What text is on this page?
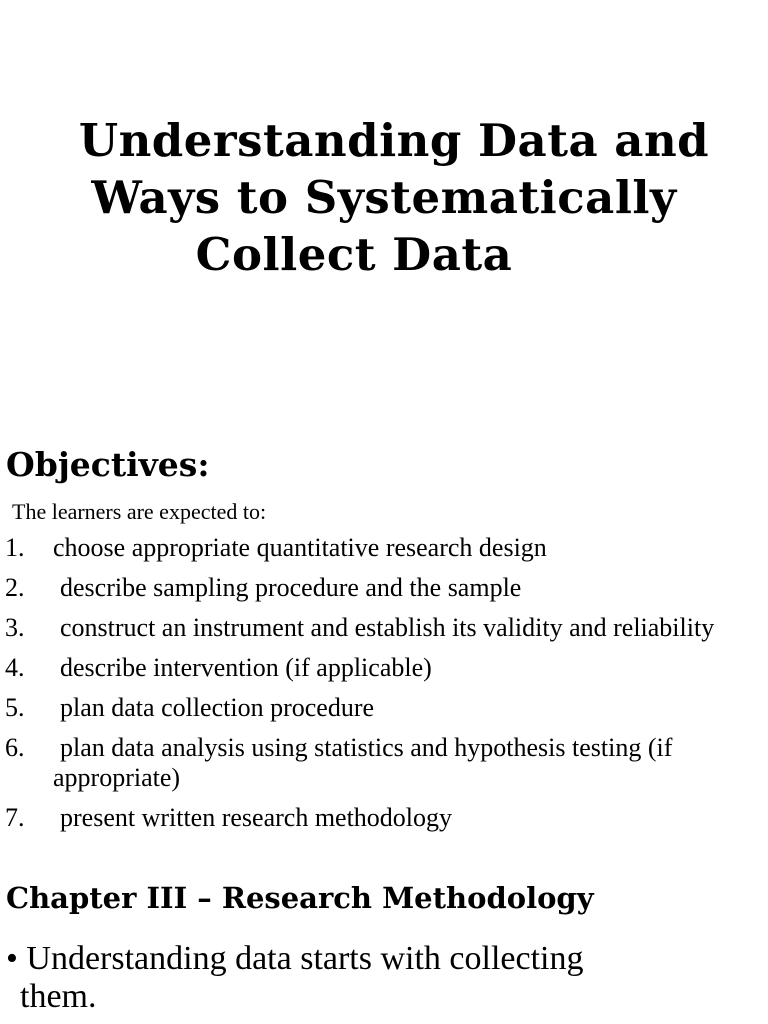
Understanding Data and
Ways to Systematically
Collect Data
Objectives:

The learners are expected to:

1. choose appropriate quantitative research design
2. describe sampling procedure and the sample
3. construct an instrument and establish its validity and reliability
4. describe intervention (if applicable)
5. plan data collection procedure
6. plan data analysis using statistics and hypothesis testing (if appropriate)
7. present written research methodology
Chapter III – Research Methodology

• Understanding data starts with collecting
them.
